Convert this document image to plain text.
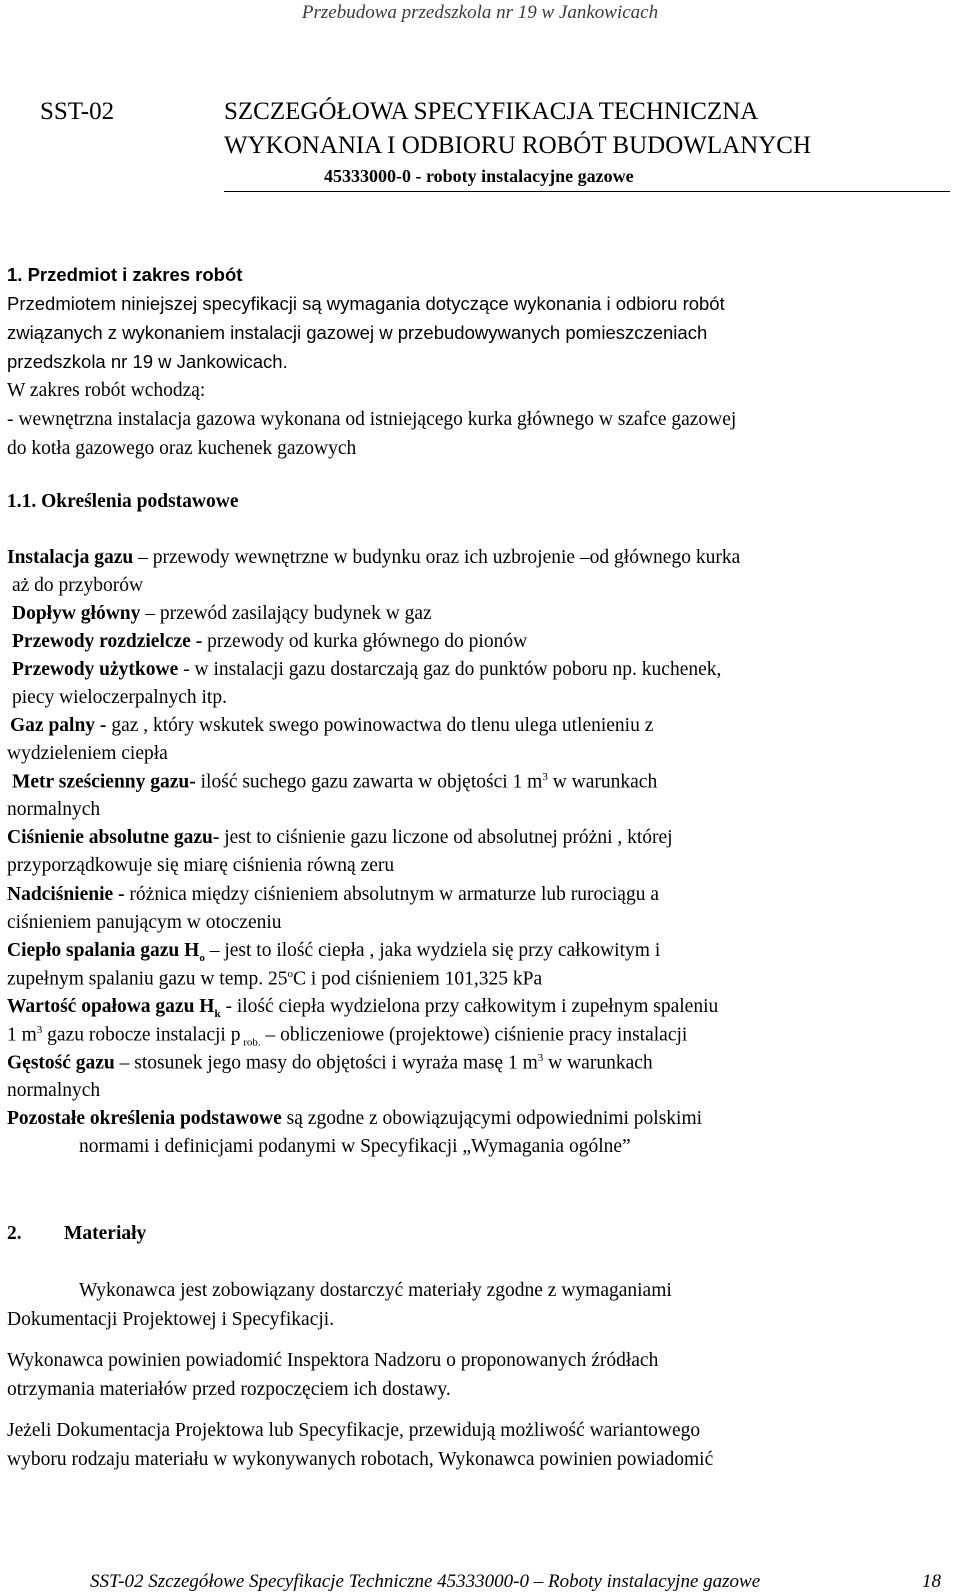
Przebudowa przedszkola nr 19 w Jankowicach
SST-02	SZCZEGÓŁOWA SPECYFIKACJA TECHNICZNA
WYKONANIA I ODBIORU ROBÓT BUDOWLANYCH
45333000-0 - roboty instalacyjne gazowe
1. Przedmiot i zakres robót
Przedmiotem niniejszej specyfikacji są wymagania dotyczące wykonania i odbioru robót
związanych z wykonaniem instalacji gazowej w przebudowywanych pomieszczeniach
przedszkola nr 19 w Jankowicach.
W zakres robót wchodzą:
- wewnętrzna instalacja gazowa wykonana od istniejącego kurka głównego w szafce gazowej
do kotła gazowego oraz kuchenek gazowych
1.1. Określenia podstawowe
Instalacja gazu – przewody wewnętrzne w budynku oraz ich uzbrojenie –od głównego kurka
aż do przyborów
Dopływ główny – przewód zasilający budynek w gaz
Przewody rozdzielcze - przewody od kurka głównego do pionów
Przewody użytkowe - w instalacji gazu dostarczają gaz do punktów poboru np. kuchenek,
piecy wieloczerpalnych itp.
Gaz palny - gaz , który wskutek swego powinowactwa do tlenu ulega utlenieniu z
wydzieleniem ciepła
Metr sześcienny gazu- ilość suchego gazu zawarta w objętości 1 $m^3$ w warunkach
normalnych
Ciśnienie absolutne gazu- jest to ciśnienie gazu liczone od absolutnej próżni , której
przyporządkowuje się miarę ciśnienia równą zeru
Nadciśnienie - różnica między ciśnieniem absolutnym w armaturze lub rurociągu a
ciśnieniem panującym w otoczeniu
Ciepło spalania gazu $H_o$ – jest to ilość ciepła , jaka wydziela się przy całkowitym i
zupełnym spalaniu gazu w temp. 25$^o$C i pod ciśnieniem 101,325 kPa
Wartość opałowa gazu $H_k$ - ilość ciepła wydzielona przy całkowitym i zupełnym spaleniu
1 $m^3$ gazu robocze instalacji p $_{rob.}$ – obliczeniowe (projektowe) ciśnienie pracy instalacji
Gęstość gazu – stosunek jego masy do objętości i wyraża masę 1 $m^3$ w warunkach
normalnych
Pozostałe określenia podstawowe są zgodne z obowiązującymi odpowiednimi polskimi
normami i definicjami podanymi w Specyfikacji „Wymagania ogólne”
2. Materiały
Wykonawca jest zobowiązany dostarczyć materiały zgodne z wymaganiami
Dokumentacji Projektowej i Specyfikacji.
Wykonawca powinien powiadomić Inspektora Nadzoru o proponowanych źródłach
otrzymania materiałów przed rozpoczęciem ich dostawy.
Jeżeli Dokumentacja Projektowa lub Specyfikacje, przewidują możliwość wariantowego
wyboru rodzaju materiału w wykonywanych robotach, Wykonawca powinien powiadomić
SST-02 Szczegółowe Specyfikacje Techniczne 45333000-0 – Roboty instalacyjne gazowe	18
